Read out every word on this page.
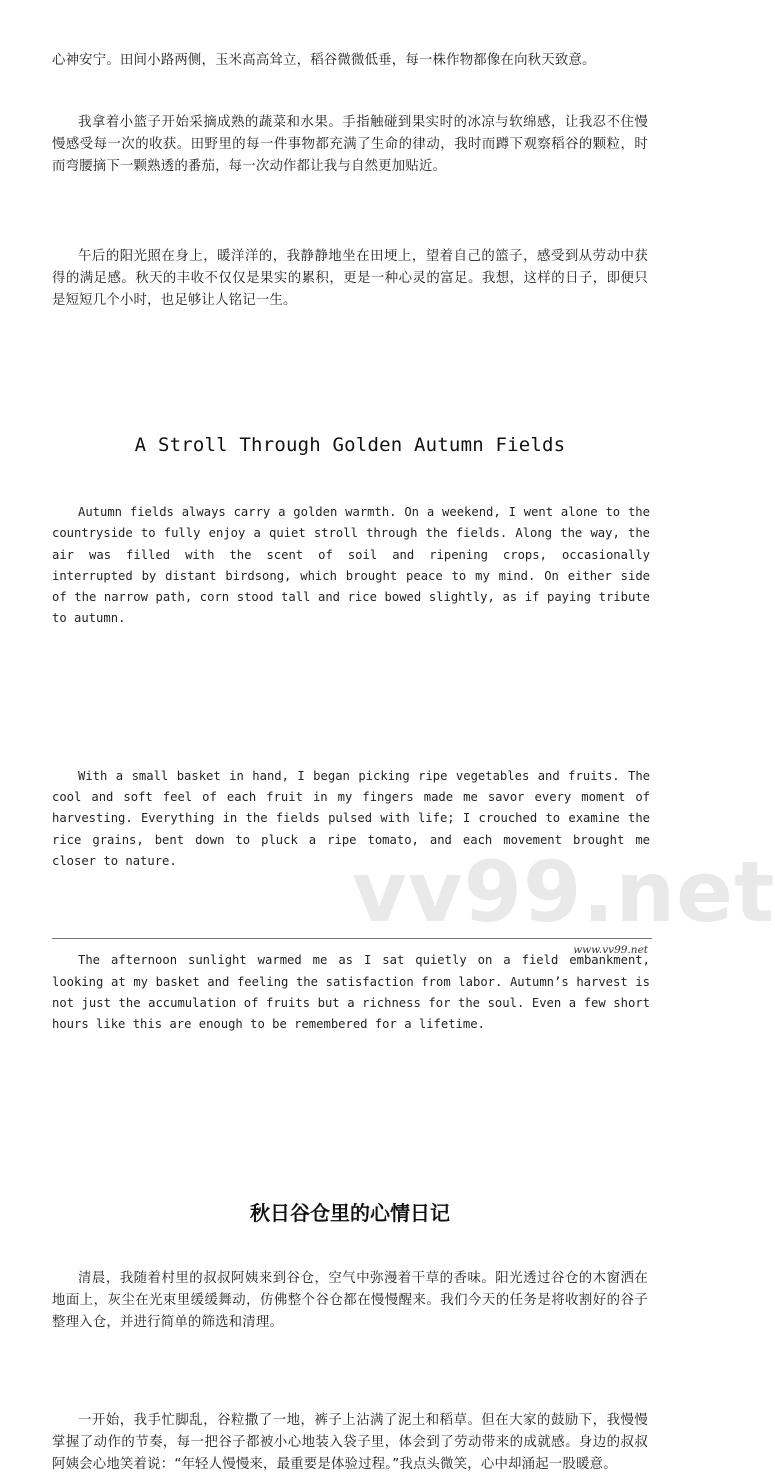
vv99.net

心神安宁。田间小路两侧，玉米高高耸立，稻谷微微低垂，每一株作物都像在向秋天致意。

我拿着小篮子开始采摘成熟的蔬菜和水果。手指触碰到果实时的冰凉与软绵感，让我忍不住慢慢感受每一次的收获。田野里的每一件事物都充满了生命的律动，我时而蹲下观察稻谷的颗粒，时而弯腰摘下一颗熟透的番茄，每一次动作都让我与自然更加贴近。

午后的阳光照在身上，暖洋洋的，我静静地坐在田埂上，望着自己的篮子，感受到从劳动中获得的满足感。秋天的丰收不仅仅是果实的累积，更是一种心灵的富足。我想，这样的日子，即便只是短短几个小时，也足够让人铭记一生。

A Stroll Through Golden Autumn Fields

Autumn fields always carry a golden warmth. On a weekend, I went alone to the countryside to fully enjoy a quiet stroll through the fields. Along the way, the air was filled with the scent of soil and ripening crops, occasionally interrupted by distant birdsong, which brought peace to my mind. On either side of the narrow path, corn stood tall and rice bowed slightly, as if paying tribute to autumn.

With a small basket in hand, I began picking ripe vegetables and fruits. The cool and soft feel of each fruit in my fingers made me savor every moment of harvesting. Everything in the fields pulsed with life; I crouched to examine the rice grains, bent down to pluck a ripe tomato, and each movement brought me closer to nature.

The afternoon sunlight warmed me as I sat quietly on a field embankment, looking at my basket and feeling the satisfaction from labor. Autumn’s harvest is not just the accumulation of fruits but a richness for the soul. Even a few short hours like this are enough to be remembered for a lifetime.

秋日谷仓里的心情日记

清晨，我随着村里的叔叔阿姨来到谷仓，空气中弥漫着干草的香味。阳光透过谷仓的木窗洒在地面上，灰尘在光束里缓缓舞动，仿佛整个谷仓都在慢慢醒来。我们今天的任务是将收割好的谷子整理入仓，并进行简单的筛选和清理。

一开始，我手忙脚乱，谷粒撒了一地，裤子上沾满了泥土和稻草。但在大家的鼓励下，我慢慢掌握了动作的节奏，每一把谷子都被小心地装入袋子里，体会到了劳动带来的成就感。身边的叔叔阿姨会心地笑着说：“年轻人慢慢来，最重要是体验过程。”我点头微笑，心中却涌起一股暖意。

www.vv99.net
